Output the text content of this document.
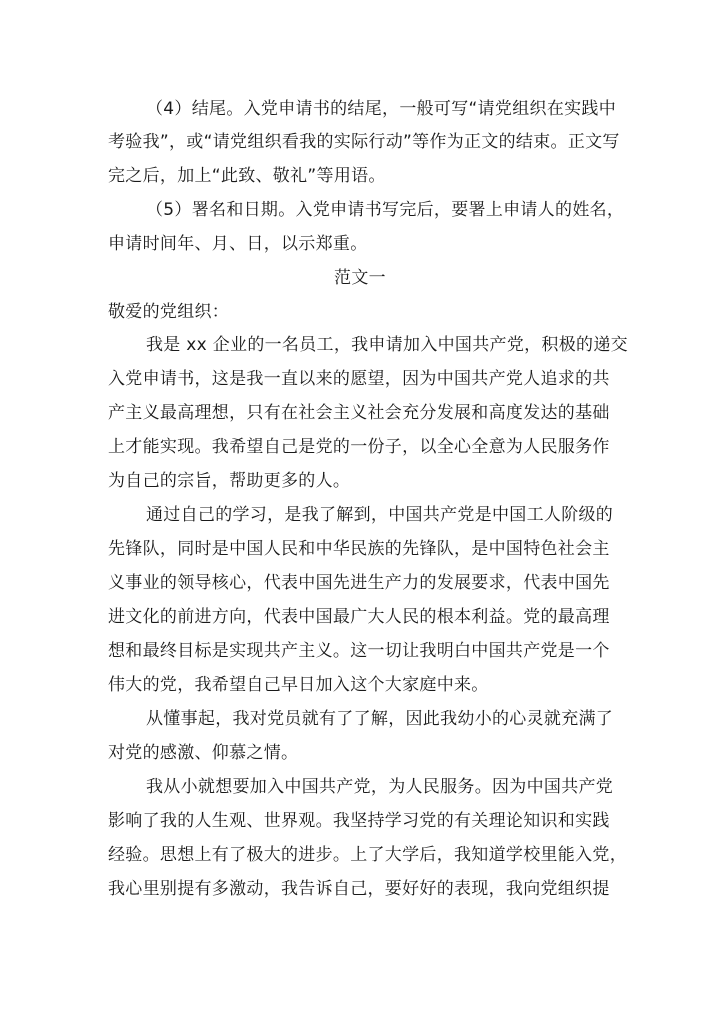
（4）结尾。入党申请书的结尾，一般可写“请党组织在实践中
考验我”，或“请党组织看我的实际行动”等作为正文的结束。正文写
完之后，加上“此致、敬礼”等用语。
（5）署名和日期。入党申请书写完后，要署上申请人的姓名，
申请时间年、月、日，以示郑重。
范文一
敬爱的党组织：
我是 xx 企业的一名员工，我申请加入中国共产党，积极的递交
入党申请书，这是我一直以来的愿望，因为中国共产党人追求的共
产主义最高理想，只有在社会主义社会充分发展和高度发达的基础
上才能实现。我希望自己是党的一份子，以全心全意为人民服务作
为自己的宗旨，帮助更多的人。
通过自己的学习，是我了解到，中国共产党是中国工人阶级的
先锋队，同时是中国人民和中华民族的先锋队，是中国特色社会主
义事业的领导核心，代表中国先进生产力的发展要求，代表中国先
进文化的前进方向，代表中国最广大人民的根本利益。党的最高理
想和最终目标是实现共产主义。这一切让我明白中国共产党是一个
伟大的党，我希望自己早日加入这个大家庭中来。
从懂事起，我对党员就有了了解，因此我幼小的心灵就充满了
对党的感激、仰慕之情。
我从小就想要加入中国共产党，为人民服务。因为中国共产党
影响了我的人生观、世界观。我坚持学习党的有关理论知识和实践
经验。思想上有了极大的进步。上了大学后，我知道学校里能入党，
我心里别提有多激动，我告诉自己，要好好的表现，我向党组织提
